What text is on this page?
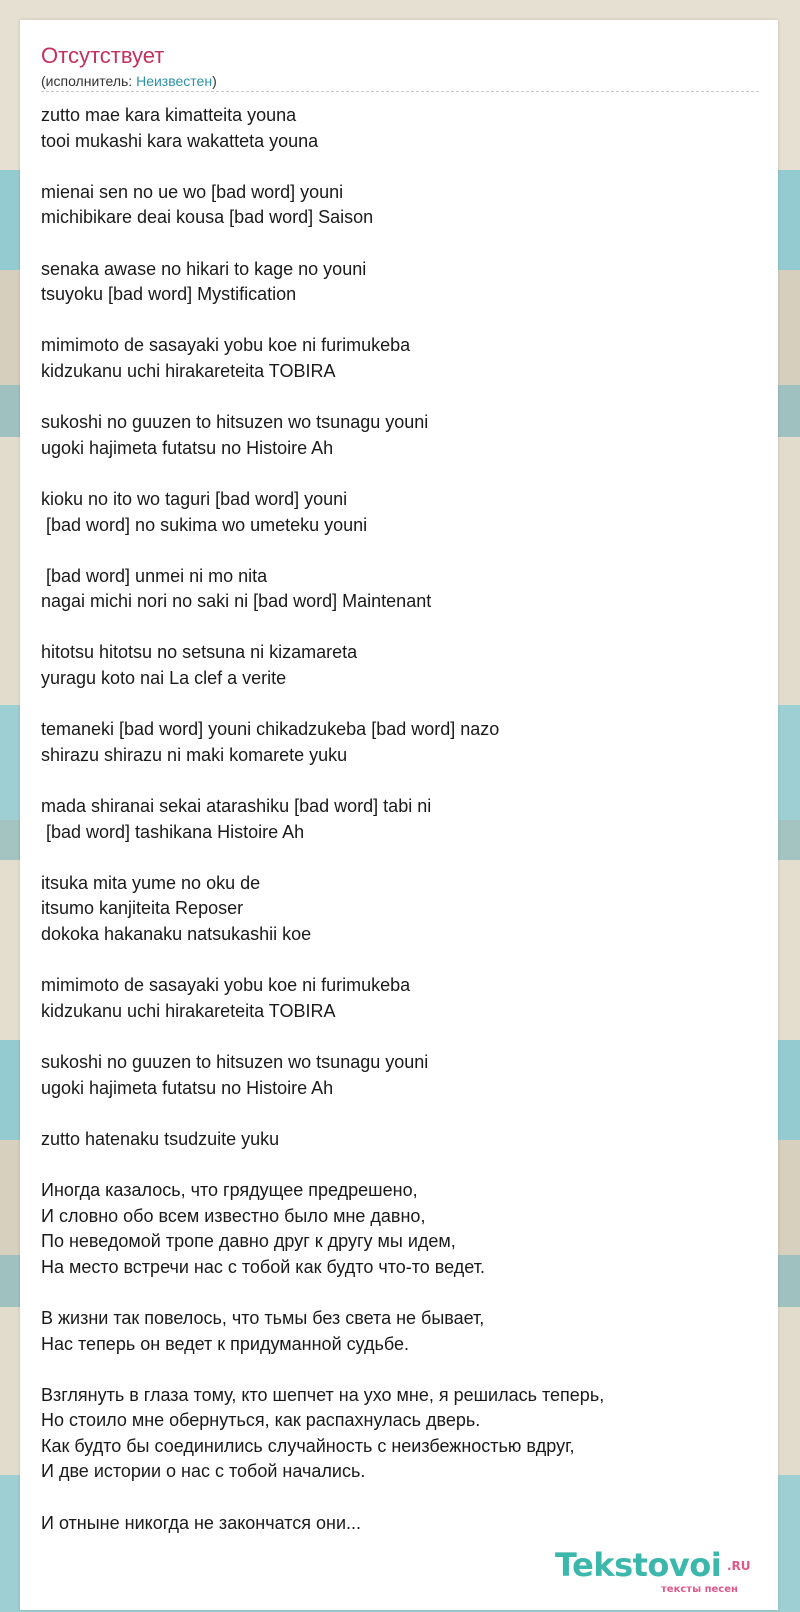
Отсутствует
(исполнитель: Неизвестен)
zutto mae kara kimatteita youna
tooi mukashi kara wakatteta youna
mienai sen no ue wo [bad word] youni
michibikare deai kousa [bad word] Saison
senaka awase no hikari to kage no youni
tsuyoku [bad word] Mystification
mimimoto de sasayaki yobu koe ni furimukeba
kidzukanu uchi hirakareteita TOBIRA
sukoshi no guuzen to hitsuzen wo tsunagu youni
ugoki hajimeta futatsu no Histoire Ah
kioku no ito wo taguri [bad word] youni
[bad word] no sukima wo umeteku youni
[bad word] unmei ni mo nita
nagai michi nori no saki ni [bad word] Maintenant
hitotsu hitotsu no setsuna ni kizamareta
yuragu koto nai La clef a verite
temaneki [bad word] youni chikadzukeba [bad word] nazo
shirazu shirazu ni maki komarete yuku
mada shiranai sekai atarashiku [bad word] tabi ni
[bad word] tashikana Histoire Ah
itsuka mita yume no oku de
itsumo kanjiteita Reposer
dokoka hakanaku natsukashii koe
mimimoto de sasayaki yobu koe ni furimukeba
kidzukanu uchi hirakareteita TOBIRA
sukoshi no guuzen to hitsuzen wo tsunagu youni
ugoki hajimeta futatsu no Histoire Ah
zutto hatenaku tsudzuite yuku
Иногда казалось, что грядущее предрешено,
И словно обо всем известно было мне давно,
По неведомой тропе давно друг к другу мы идем,
На место встречи нас с тобой как будто что-то ведет.
В жизни так повелось, что тьмы без света не бывает,
Нас теперь он ведет к придуманной судьбе.
Взглянуть в глаза тому, кто шепчет на ухо мне, я решилась теперь,
Но стоило мне обернуться, как распахнулась дверь.
Как будто бы соединились случайность с неизбежностью вдруг,
И две истории о нас с тобой начались.
И отныне никогда не закончатся они...
Tekstovoi .RU
тексты песен
